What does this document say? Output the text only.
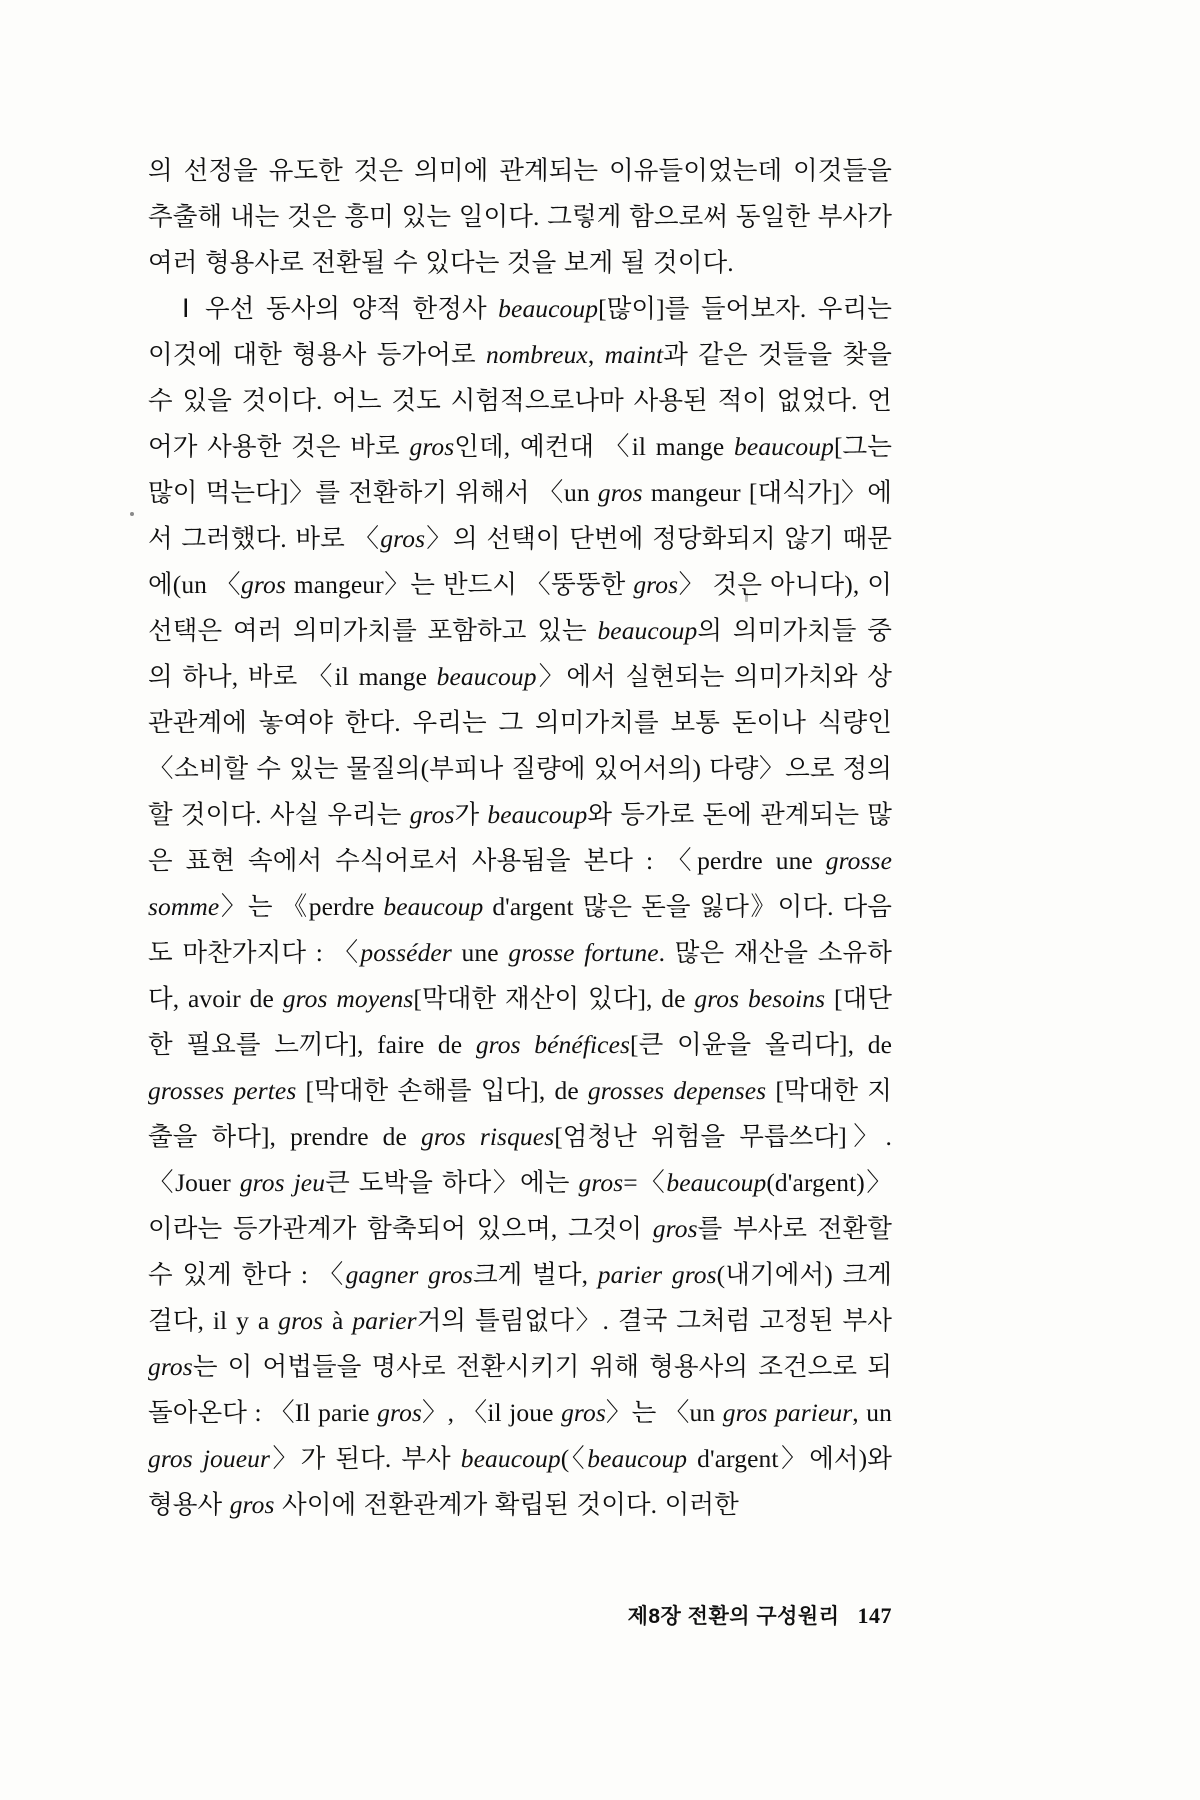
의 선정을 유도한 것은 의미에 관계되는 이유들이었는데 이것들을 추출해 내는 것은 흥미 있는 일이다. 그렇게 함으로써 동일한 부사가 여러 형용사로 전환될 수 있다는 것을 보게 될 것이다.

Ⅰ 우선 동사의 양적 한정사 beaucoup[많이]를 들어보자. 우리는 이것에 대한 형용사 등가어로 nombreux, maint과 같은 것들을 찾을 수 있을 것이다. 어느 것도 시험적으로나마 사용된 적이 없었다. 언어가 사용한 것은 바로 gros인데, 예컨대 〈il mange beaucoup[그는 많이 먹는다]〉를 전환하기 위해서 〈un gros mangeur [대식가]〉에서 그러했다. 바로 〈gros〉의 선택이 단번에 정당화되지 않기 때문에(un 〈gros mangeur〉는 반드시 〈뚱뚱한 gros〉 것은 아니다), 이 선택은 여러 의미가치를 포함하고 있는 beaucoup의 의미가치들 중의 하나, 바로 〈il mange beaucoup〉에서 실현되는 의미가치와 상관관계에 놓여야 한다. 우리는 그 의미가치를 보통 돈이나 식량인 〈소비할 수 있는 물질의(부피나 질량에 있어서의) 다량〉으로 정의할 것이다. 사실 우리는 gros가 beaucoup와 등가로 돈에 관계되는 많은 표현 속에서 수식어로서 사용됨을 본다 : 〈perdre une grosse somme〉는 《perdre beaucoup d'argent 많은 돈을 잃다》이다. 다음도 마찬가지다 : 〈posséder une grosse fortune. 많은 재산을 소유하다, avoir de gros moyens[막대한 재산이 있다], de gros besoins [대단한 필요를 느끼다], faire de gros bénéfices[큰 이윤을 올리다], de grosses pertes [막대한 손해를 입다], de grosses depenses [막대한 지출을 하다], prendre de gros risques[엄청난 위험을 무릅쓰다]〉. 〈Jouer gros jeu큰 도박을 하다〉에는 gros=〈beaucoup(d'argent)〉이라는 등가관계가 함축되어 있으며, 그것이 gros를 부사로 전환할 수 있게 한다 : 〈gagner gros크게 벌다, parier gros(내기에서) 크게 걸다, il y a gros à parier거의 틀림없다〉. 결국 그처럼 고정된 부사 gros는 이 어법들을 명사로 전환시키기 위해 형용사의 조건으로 되돌아온다 : 〈Il parie gros〉, 〈il joue gros〉는 〈un gros parieur, un gros joueur〉가 된다. 부사 beaucoup(〈beaucoup d'argent〉에서)와 형용사 gros 사이에 전환관계가 확립된 것이다. 이러한

제8장 전환의 구성원리 147
